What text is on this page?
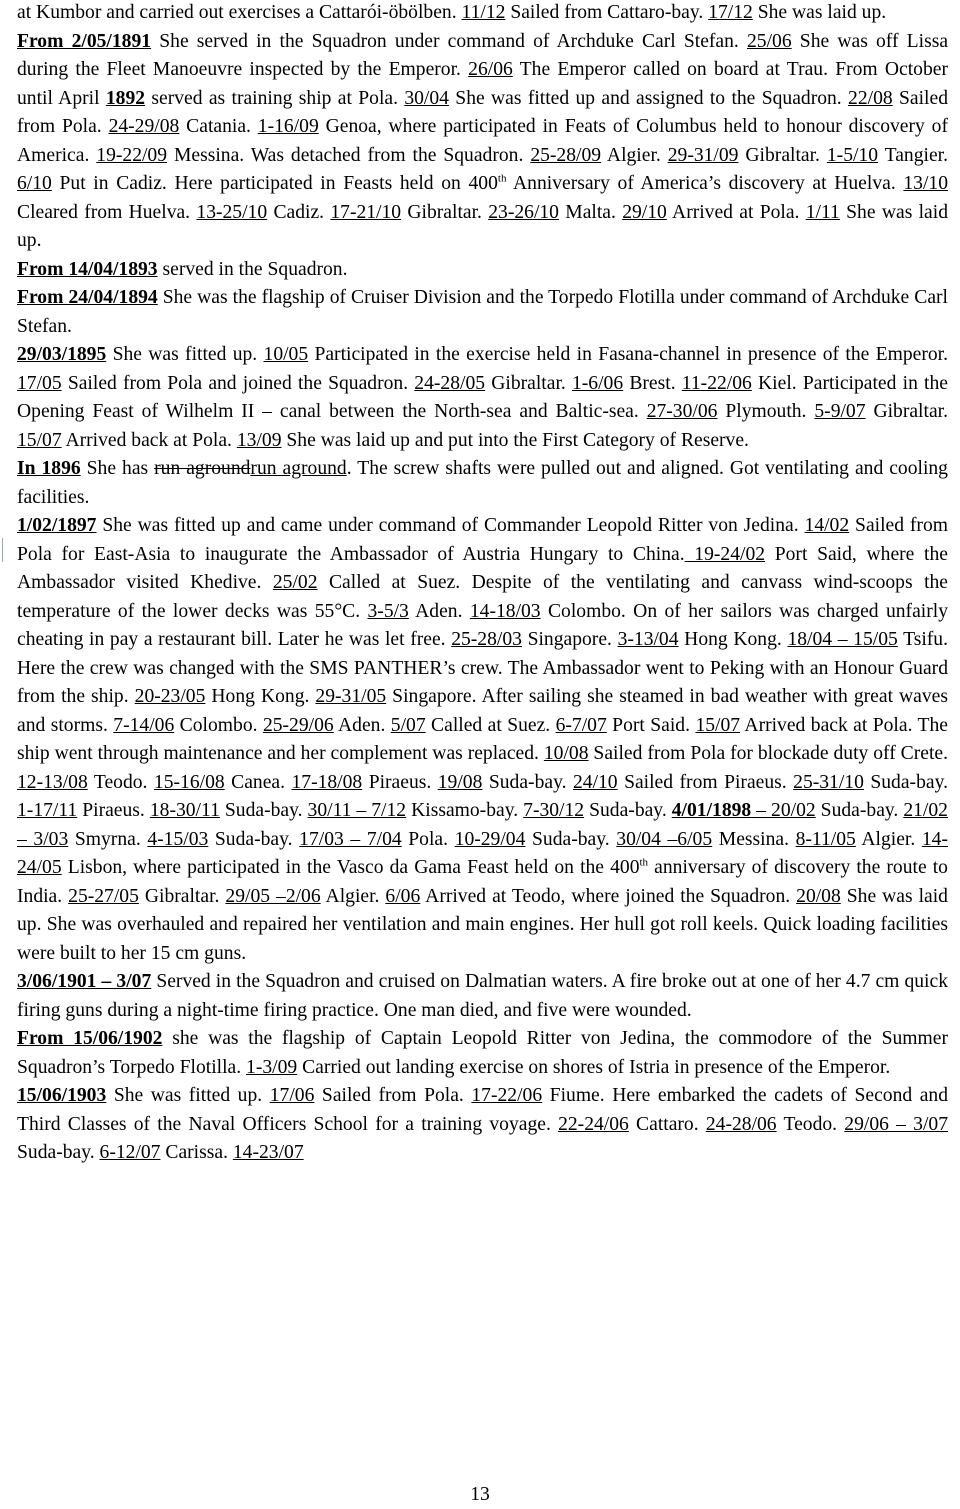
at Kumbor and carried out exercises a Cattarói-öbölben. 11/12 Sailed from Cattaro-bay. 17/12 She was laid up.

From 2/05/1891 She served in the Squadron under command of Archduke Carl Stefan. 25/06 She was off Lissa during the Fleet Manoeuvre inspected by the Emperor. 26/06 The Emperor called on board at Trau. From October until April 1892 served as training ship at Pola. 30/04 She was fitted up and assigned to the Squadron. 22/08 Sailed from Pola. 24-29/08 Catania. 1-16/09 Genoa, where participated in Feats of Columbus held to honour discovery of America. 19-22/09 Messina. Was detached from the Squadron. 25-28/09 Algier. 29-31/09 Gibraltar. 1-5/10 Tangier. 6/10 Put in Cadiz. Here participated in Feasts held on 400th Anniversary of America’s discovery at Huelva. 13/10 Cleared from Huelva. 13-25/10 Cadiz. 17-21/10 Gibraltar. 23-26/10 Malta. 29/10 Arrived at Pola. 1/11 She was laid up.

From 14/04/1893 served in the Squadron.

From 24/04/1894 She was the flagship of Cruiser Division and the Torpedo Flotilla under command of Archduke Carl Stefan.

29/03/1895 She was fitted up. 10/05 Participated in the exercise held in Fasana-channel in presence of the Emperor. 17/05 Sailed from Pola and joined the Squadron. 24-28/05 Gibraltar. 1-6/06 Brest. 11-22/06 Kiel. Participated in the Opening Feast of Wilhelm II – canal between the North-sea and Baltic-sea. 27-30/06 Plymouth. 5-9/07 Gibraltar. 15/07 Arrived back at Pola. 13/09 She was laid up and put into the First Category of Reserve.

In 1896 She has run agroundrun aground. The screw shafts were pulled out and aligned. Got ventilating and cooling facilities.

1/02/1897 She was fitted up and came under command of Commander Leopold Ritter von Jedina. 14/02 Sailed from Pola for East-Asia to inaugurate the Ambassador of Austria Hungary to China. 19-24/02 Port Said, where the Ambassador visited Khedive. 25/02 Called at Suez. Despite of the ventilating and canvass wind-scoops the temperature of the lower decks was 55°C. 3-5/3 Aden. 14-18/03 Colombo. On of her sailors was charged unfairly cheating in pay a restaurant bill. Later he was let free. 25-28/03 Singapore. 3-13/04 Hong Kong. 18/04 – 15/05 Tsifu. Here the crew was changed with the SMS PANTHER’s crew. The Ambassador went to Peking with an Honour Guard from the ship. 20-23/05 Hong Kong. 29-31/05 Singapore. After sailing she steamed in bad weather with great waves and storms. 7-14/06 Colombo. 25-29/06 Aden. 5/07 Called at Suez. 6-7/07 Port Said. 15/07 Arrived back at Pola. The ship went through maintenance and her complement was replaced. 10/08 Sailed from Pola for blockade duty off Crete. 12-13/08 Teodo. 15-16/08 Canea. 17-18/08 Piraeus. 19/08 Suda-bay. 24/10 Sailed from Piraeus. 25-31/10 Suda-bay. 1-17/11 Piraeus. 18-30/11 Suda-bay. 30/11 – 7/12 Kissamo-bay. 7-30/12 Suda-bay. 4/01/1898 – 20/02 Suda-bay. 21/02 – 3/03 Smyrna. 4-15/03 Suda-bay. 17/03 – 7/04 Pola. 10-29/04 Suda-bay. 30/04 –6/05 Messina. 8-11/05 Algier. 14-24/05 Lisbon, where participated in the Vasco da Gama Feast held on the 400th anniversary of discovery the route to India. 25-27/05 Gibraltar. 29/05 –2/06 Algier. 6/06 Arrived at Teodo, where joined the Squadron. 20/08 She was laid up. She was overhauled and repaired her ventilation and main engines. Her hull got roll keels. Quick loading facilities were built to her 15 cm guns.

3/06/1901 – 3/07 Served in the Squadron and cruised on Dalmatian waters. A fire broke out at one of her 4.7 cm quick firing guns during a night-time firing practice. One man died, and five were wounded.

From 15/06/1902 she was the flagship of Captain Leopold Ritter von Jedina, the commodore of the Summer Squadron’s Torpedo Flotilla. 1-3/09 Carried out landing exercise on shores of Istria in presence of the Emperor.

15/06/1903 She was fitted up. 17/06 Sailed from Pola. 17-22/06 Fiume. Here embarked the cadets of Second and Third Classes of the Naval Officers School for a training voyage. 22-24/06 Cattaro. 24-28/06 Teodo. 29/06 – 3/07 Suda-bay. 6-12/07 Carissa. 14-23/07

13
